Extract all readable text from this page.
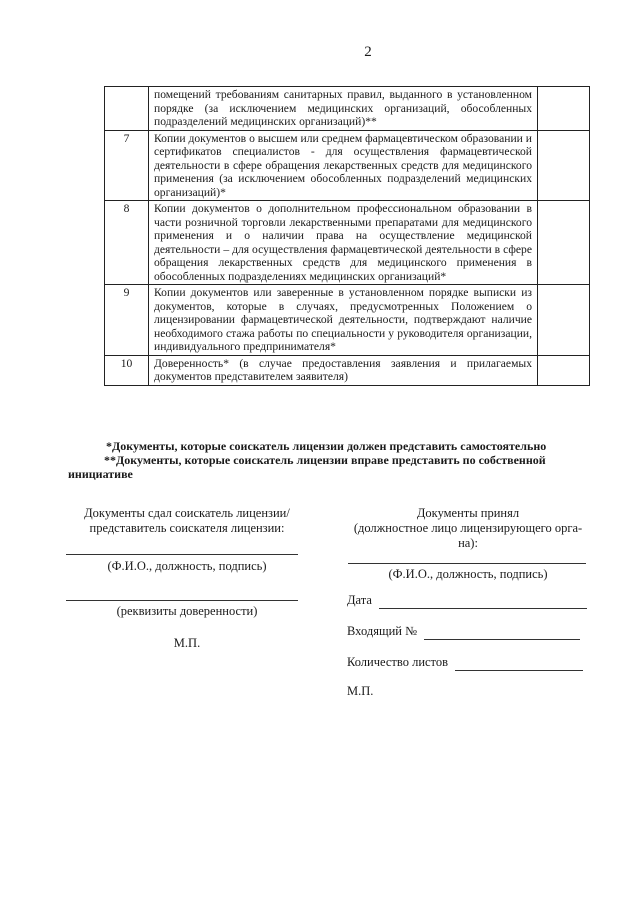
2
	помещений требованиям санитарных правил, выданного в установленном порядке (за исключением медицинских организаций, обособленных подразделений медицинских организаций)**	
7	Копии документов о высшем или среднем фармацевтическом образовании и сертификатов специалистов - для осуществления фармацевтической деятельности в сфере обращения лекарственных средств для медицинского применения (за исключением обособленных подразделений медицинских организаций)*	
8	Копии документов о дополнительном профессиональном образовании в части розничной торговли лекарственными препаратами для медицинского применения и о наличии права на осуществление медицинской деятельности – для осуществления фармацевтической деятельности в сфере обращения лекарственных средств для медицинского применения в обособленных подразделениях медицинских организаций*	
9	Копии документов или заверенные в установленном порядке выписки из документов, которые в случаях, предусмотренных Положением о лицензировании фармацевтической деятельности, подтверждают наличие необходимого стажа работы по специальности у руководителя организации, индивидуального предпринимателя*	
10	Доверенность* (в случае предоставления заявления и прилагаемых документов представителем заявителя)	
*Документы, которые соискатель лицензии должен представить самостоятельно
**Документы, которые соискатель лицензии вправе представить по собственной
инициативе
Документы сдал соискатель лицензии/
представитель соискателя лицензии:
(Ф.И.О., должность, подпись)
(реквизиты доверенности)
М.П.
Документы принял
(должностное лицо лицензирующего орга-
на):
(Ф.И.О., должность, подпись)
Дата
Входящий №
Количество листов
М.П.
